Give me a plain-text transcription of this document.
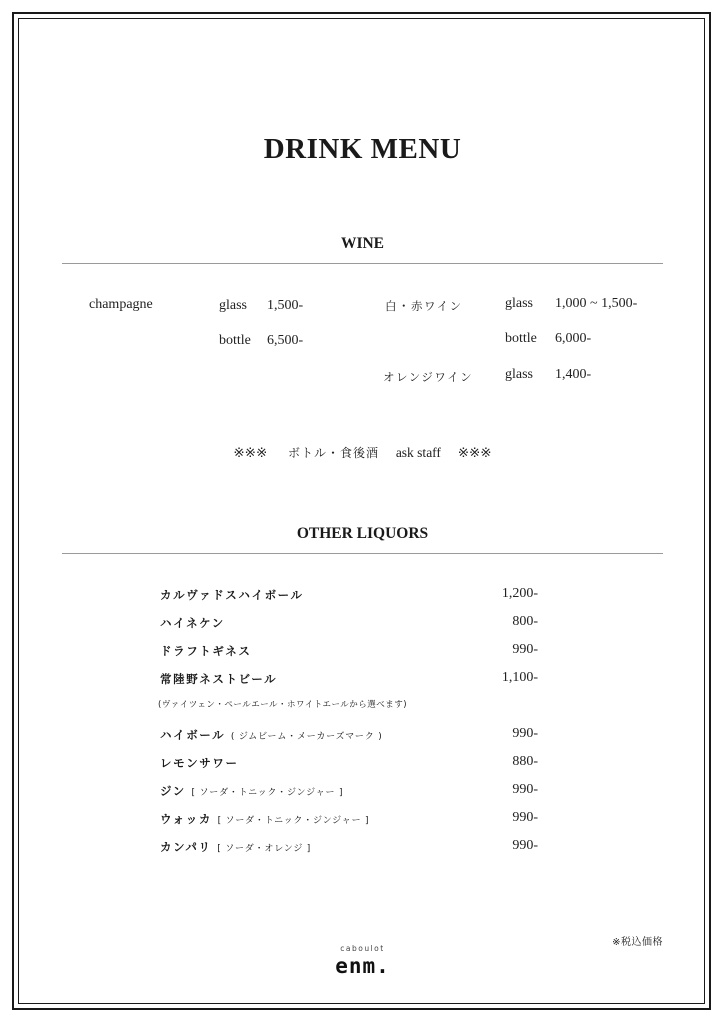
DRINK MENU
WINE
champagne	glass 1,500-
bottle 6,500-
白・赤ワイン	glass 1,000 ~ 1,500-
bottle 6,000-
オレンジワイン glass 1,400-
※※※ ボトル・食後酒 ask staff ※※※
OTHER LIQUORS
カルヴァドスハイボール	1,200-
ハイネケン	800-
ドラフトギネス	990-
常陸野ネストビール	1,100-
(ヴァイツェン・ペールエール・ホワイトエールから選べます)
ハイボール ( ジムビーム・メーカーズマーク )	990-
レモンサワー	880-
ジン [ ソーダ・トニック・ジンジャー ]	990-
ウォッカ [ ソーダ・トニック・ジンジャー ]	990-
カンパリ [ ソーダ・オレンジ ]	990-
※税込価格
caboulot
enm.
